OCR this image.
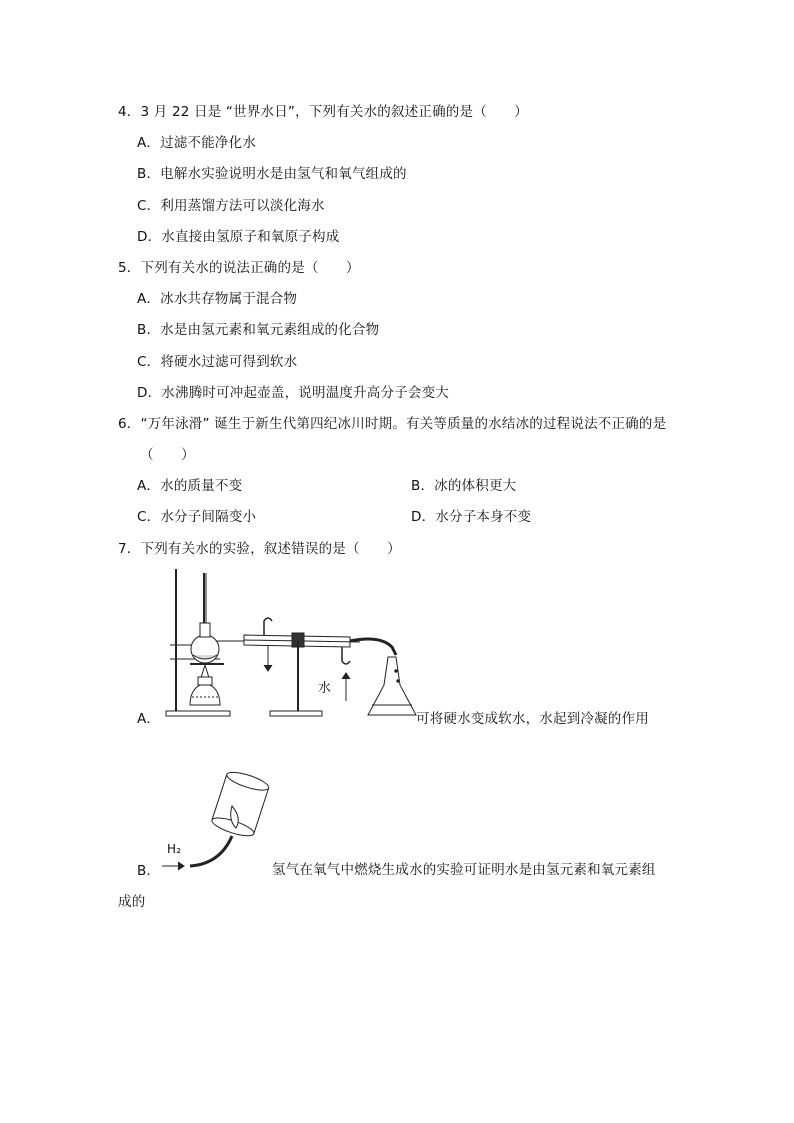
4．3 月 22 日是 “世界水日”，下列有关水的叙述正确的是（　　）
A．过滤不能净化水
B．电解水实验说明水是由氢气和氧气组成的
C．利用蒸馏方法可以淡化海水
D．水直接由氢原子和氧原子构成
5．下列有关水的说法正确的是（　　）
A．冰水共存物属于混合物
B．水是由氢元素和氧元素组成的化合物
C．将硬水过滤可得到软水
D．水沸腾时可冲起壶盖，说明温度升高分子会变大
6．“万年泳滑” 诞生于新生代第四纪冰川时期。有关等质量的水结冰的过程说法不正确的是
（　　）
A．水的质量不变	B．冰的体积更大
C．水分子间隔变小	D．水分子本身不变
7．下列有关水的实验，叙述错误的是（　　）
水
A．	可将硬水变成软水，水起到冷凝的作用
H₂
B．	氢气在氧气中燃烧生成水的实验可证明水是由氢元素和氧元素组
成的
